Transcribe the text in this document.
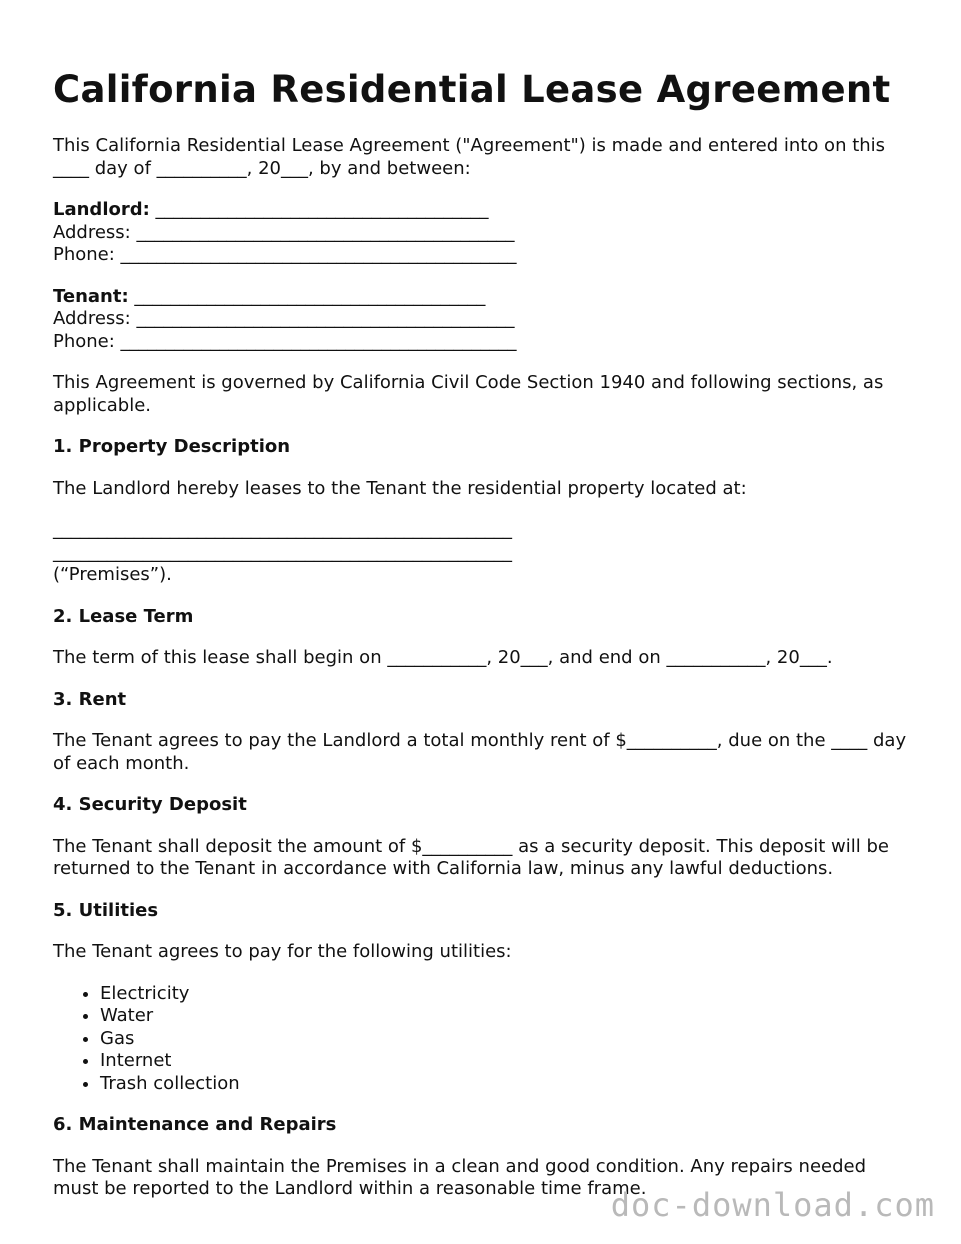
California Residential Lease Agreement

This California Residential Lease Agreement ("Agreement") is made and entered into on this ____ day of __________, 20___, by and between:

Landlord: _____________________________________

Address: __________________________________________

Phone: ____________________________________________

Tenant: _______________________________________

Address: __________________________________________

Phone: ____________________________________________

This Agreement is governed by California Civil Code Section 1940 and following sections, as applicable.

1. Property Description

The Landlord hereby leases to the Tenant the residential property located at:

___________________________________________________
___________________________________________________
(“Premises”).
2. Lease Term

The term of this lease shall begin on ___________, 20___, and end on ___________, 20___.

3. Rent

The Tenant agrees to pay the Landlord a total monthly rent of $__________, due on the ____ day of each month.

4. Security Deposit

The Tenant shall deposit the amount of $__________ as a security deposit. This deposit will be returned to the Tenant in accordance with California law, minus any lawful deductions.

5. Utilities

The Tenant agrees to pay for the following utilities:

• Electricity
• Water
• Gas
• Internet
• Trash collection
6. Maintenance and Repairs

The Tenant shall maintain the Premises in a clean and good condition. Any repairs needed must be reported to the Landlord within a reasonable time frame.

doc-download.com
